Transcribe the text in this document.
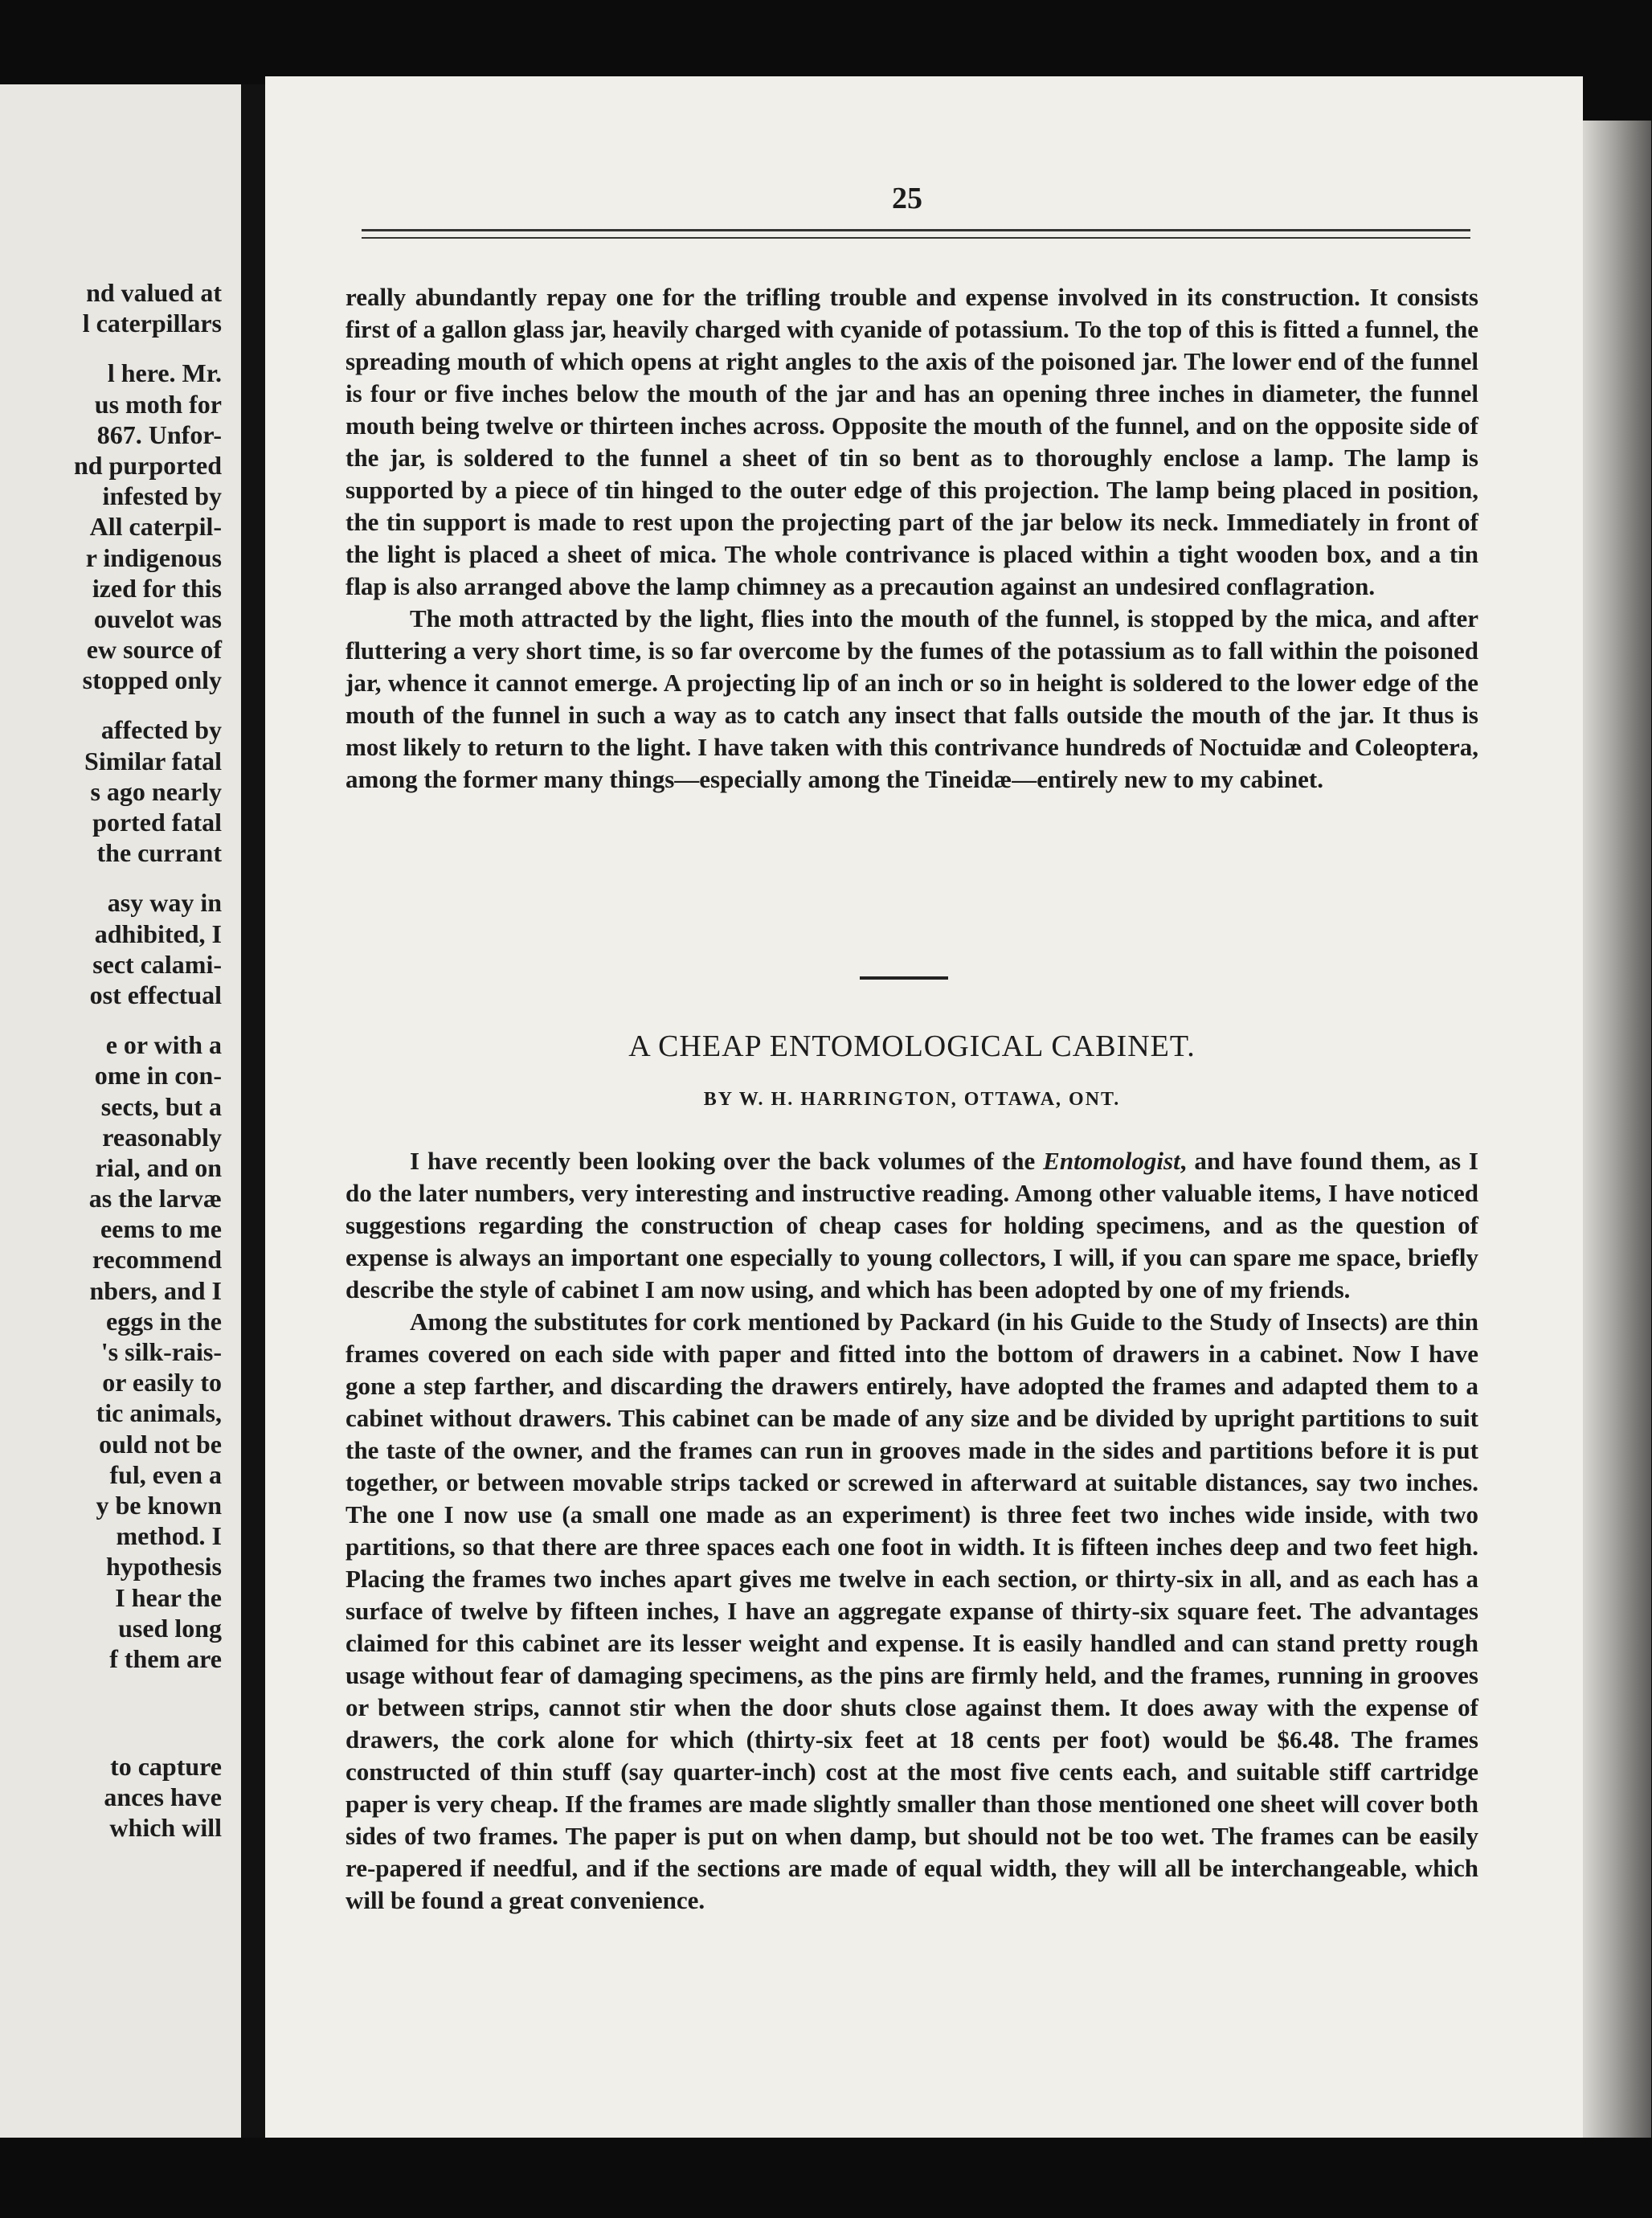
nd valued at
l caterpillars
l here. Mr.
us moth for
867. Unfor-
nd purported
infested by
All caterpil-
r indigenous
ized for this
ouvelot was
ew source of
stopped only
affected by
Similar fatal
s ago nearly
ported fatal
the currant
asy way in
adhibited, I
sect calami-
ost effectual
e or with a
ome in con-
sects, but a
reasonably
rial, and on
as the larvæ
eems to me
recommend
nbers, and I
eggs in the
's silk-rais-
or easily to
tic animals,
ould not be
ful, even a
y be known
method. I
hypothesis
I hear the
used long
f them are
to capture
ances have
which will
25

really abundantly repay one for the trifling trouble and expense involved in its construction. It consists first of a gallon glass jar, heavily charged with cyanide of potassium. To the top of this is fitted a funnel, the spreading mouth of which opens at right angles to the axis of the poisoned jar. The lower end of the funnel is four or five inches below the mouth of the jar and has an opening three inches in diameter, the funnel mouth being twelve or thirteen inches across. Opposite the mouth of the funnel, and on the opposite side of the jar, is soldered to the funnel a sheet of tin so bent as to thoroughly enclose a lamp. The lamp is supported by a piece of tin hinged to the outer edge of this projection. The lamp being placed in position, the tin support is made to rest upon the projecting part of the jar below its neck. Immediately in front of the light is placed a sheet of mica. The whole contrivance is placed within a tight wooden box, and a tin flap is also arranged above the lamp chimney as a precaution against an undesired conflagration.

The moth attracted by the light, flies into the mouth of the funnel, is stopped by the mica, and after fluttering a very short time, is so far overcome by the fumes of the potassium as to fall within the poisoned jar, whence it cannot emerge. A projecting lip of an inch or so in height is soldered to the lower edge of the mouth of the funnel in such a way as to catch any insect that falls outside the mouth of the jar. It thus is most likely to return to the light. I have taken with this contrivance hundreds of Noctuidæ and Coleoptera, among the former many things—especially among the Tineidæ—entirely new to my cabinet.

A CHEAP ENTOMOLOGICAL CABINET.
BY W. H. HARRINGTON, OTTAWA, ONT.

I have recently been looking over the back volumes of the Entomologist, and have found them, as I do the later numbers, very interesting and instructive reading. Among other valuable items, I have noticed suggestions regarding the construction of cheap cases for holding specimens, and as the question of expense is always an important one especially to young collectors, I will, if you can spare me space, briefly describe the style of cabinet I am now using, and which has been adopted by one of my friends.

Among the substitutes for cork mentioned by Packard (in his Guide to the Study of Insects) are thin frames covered on each side with paper and fitted into the bottom of drawers in a cabinet. Now I have gone a step farther, and discarding the drawers entirely, have adopted the frames and adapted them to a cabinet without drawers. This cabinet can be made of any size and be divided by upright partitions to suit the taste of the owner, and the frames can run in grooves made in the sides and partitions before it is put together, or between movable strips tacked or screwed in afterward at suitable distances, say two inches. The one I now use (a small one made as an experiment) is three feet two inches wide inside, with two partitions, so that there are three spaces each one foot in width. It is fifteen inches deep and two feet high. Placing the frames two inches apart gives me twelve in each section, or thirty-six in all, and as each has a surface of twelve by fifteen inches, I have an aggregate expanse of thirty-six square feet. The advantages claimed for this cabinet are its lesser weight and expense. It is easily handled and can stand pretty rough usage without fear of damaging specimens, as the pins are firmly held, and the frames, running in grooves or between strips, cannot stir when the door shuts close against them. It does away with the expense of drawers, the cork alone for which (thirty-six feet at 18 cents per foot) would be $6.48. The frames constructed of thin stuff (say quarter-inch) cost at the most five cents each, and suitable stiff cartridge paper is very cheap. If the frames are made slightly smaller than those mentioned one sheet will cover both sides of two frames. The paper is put on when damp, but should not be too wet. The frames can be easily re-papered if needful, and if the sections are made of equal width, they will all be interchangeable, which will be found a great convenience.
